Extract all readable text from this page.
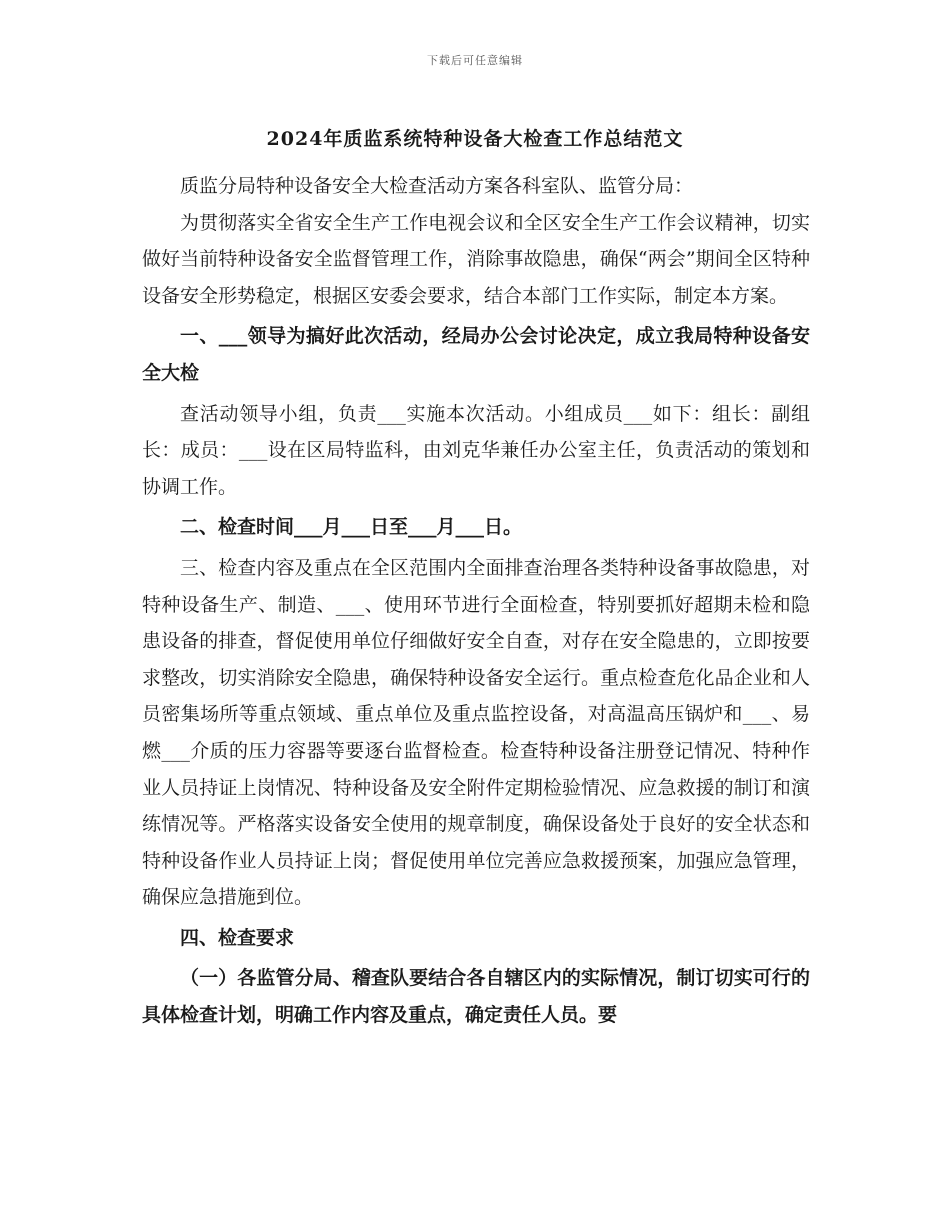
下载后可任意编辑
2024年质监系统特种设备大检查工作总结范文

质监分局特种设备安全大检查活动方案各科室队、监管分局：

为贯彻落实全省安全生产工作电视会议和全区安全生产工作会议精神，切实做好当前特种设备安全监督管理工作，消除事故隐患，确保“两会”期间全区特种设备安全形势稳定，根据区安委会要求，结合本部门工作实际，制定本方案。

一、___领导为搞好此次活动，经局办公会讨论决定，成立我局特种设备安全大检

查活动领导小组，负责___实施本次活动。小组成员___如下：组长：副组长：成员：___设在区局特监科，由刘克华兼任办公室主任，负责活动的策划和协调工作。

二、检查时间___月___日至___月___日。

三、检查内容及重点在全区范围内全面排查治理各类特种设备事故隐患，对特种设备生产、制造、___、使用环节进行全面检查，特别要抓好超期未检和隐患设备的排查，督促使用单位仔细做好安全自查，对存在安全隐患的，立即按要求整改，切实消除安全隐患，确保特种设备安全运行。重点检查危化品企业和人员密集场所等重点领域、重点单位及重点监控设备，对高温高压锅炉和___、易燃___介质的压力容器等要逐台监督检查。检查特种设备注册登记情况、特种作业人员持证上岗情况、特种设备及安全附件定期检验情况、应急救援的制订和演练情况等。严格落实设备安全使用的规章制度，确保设备处于良好的安全状态和特种设备作业人员持证上岗；督促使用单位完善应急救援预案，加强应急管理，确保应急措施到位。

四、检查要求

（一）各监管分局、稽查队要结合各自辖区内的实际情况，制订切实可行的具体检查计划，明确工作内容及重点，确定责任人员。要
